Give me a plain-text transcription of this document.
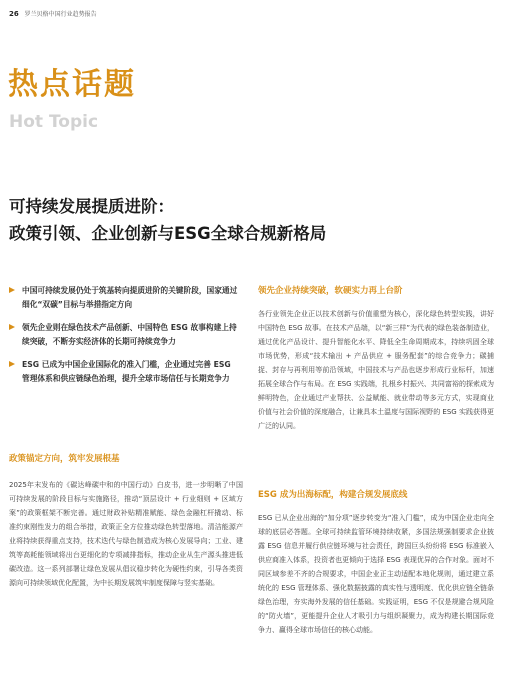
26 罗兰贝格中国行业趋势报告
热点话题
Hot Topic
可持续发展提质进阶：
政策引领、企业创新与ESG全球合规新格局
中国可持续发展仍处于筑基转向提质进阶的关键阶段，国家通过细化“双碳”目标与举措指定方向
领先企业则在绿色技术产品创新、中国特色 ESG 故事构建上持续突破，不断夯实经济体的长期可持续竞争力
ESG 已成为中国企业国际化的准入门槛，企业通过完善 ESG 管理体系和供应链绿色治理，提升全球市场信任与长期竞争力
政策锚定方向，筑牢发展根基
2025年末发布的《碳达峰碳中和的中国行动》白皮书，进一步明晰了中国可持续发展的阶段目标与实施路径，推动“顶层设计 + 行业细则 + 区域方案”的政策框架不断完善。通过财政补贴精准赋能、绿色金融杠杆撬动、标准约束刚性发力的组合举措，政策正全方位推动绿色转型落地。清洁能源产业将持续获得重点支持，技术迭代与绿色制造成为核心发展导向；工业、建筑等高耗能领域将出台更细化的专项减排指标，推动企业从生产源头推进低碳改造。这一系列部署让绿色发展从倡议稳步转化为硬性约束，引导各类资源向可持续领域优化配置，为中长期发展筑牢制度保障与竖实基础。
领先企业持续突破，软硬实力再上台阶
各行业领先企业正以技术创新与价值重塑为核心，深化绿色转型实践，讲好中国特色 ESG 故事。在技术产品端，以“新三样”为代表的绿色装备制造业，通过优化产品设计、提升智能化水平、降低全生命周期成本，持续巩固全球市场优势，形成“技术输出 + 产品供应 + 服务配套”的综合竞争力；碳捕捉、封存与再利用等前沿领域，中国技术与产品也逐步形成行业标杆，加速拓展全球合作与布局。在 ESG 实践端，扎根乡村振兴、共同富裕的探索成为鲜明特色，企业通过产业帮扶、公益赋能、就业带动等多元方式，实现商业价值与社会价值的深度融合，让兼具本土温度与国际视野的 ESG 实践获得更广泛的认同。
ESG 成为出海标配，构建合规发展底线
ESG 已从企业出海的“加分项”逐步转变为“准入门槛”，成为中国企业走向全球的底层必答题。全球可持续监管环境持续收紧，多国法规强制要求企业披露 ESG 信息并履行供应链环境与社会责任，跨国巨头纷纷将 ESG 标准嵌入供应商准入体系，投资者也更倾向于选择 ESG 表现优异的合作对象。面对不同区域参差不齐的合规要求，中国企业正主动适配本地化规则，通过建立系统化的 ESG 管理体系、强化数据披露的真实性与透明度、优化供应链全链条绿色治理，夯实海外发展的信任基础。实践证明，ESG 不仅是规避合规风险的“防火墙”，更能提升企业人才吸引力与组织凝聚力，成为构建长期国际竞争力、赢得全球市场信任的核心动能。
